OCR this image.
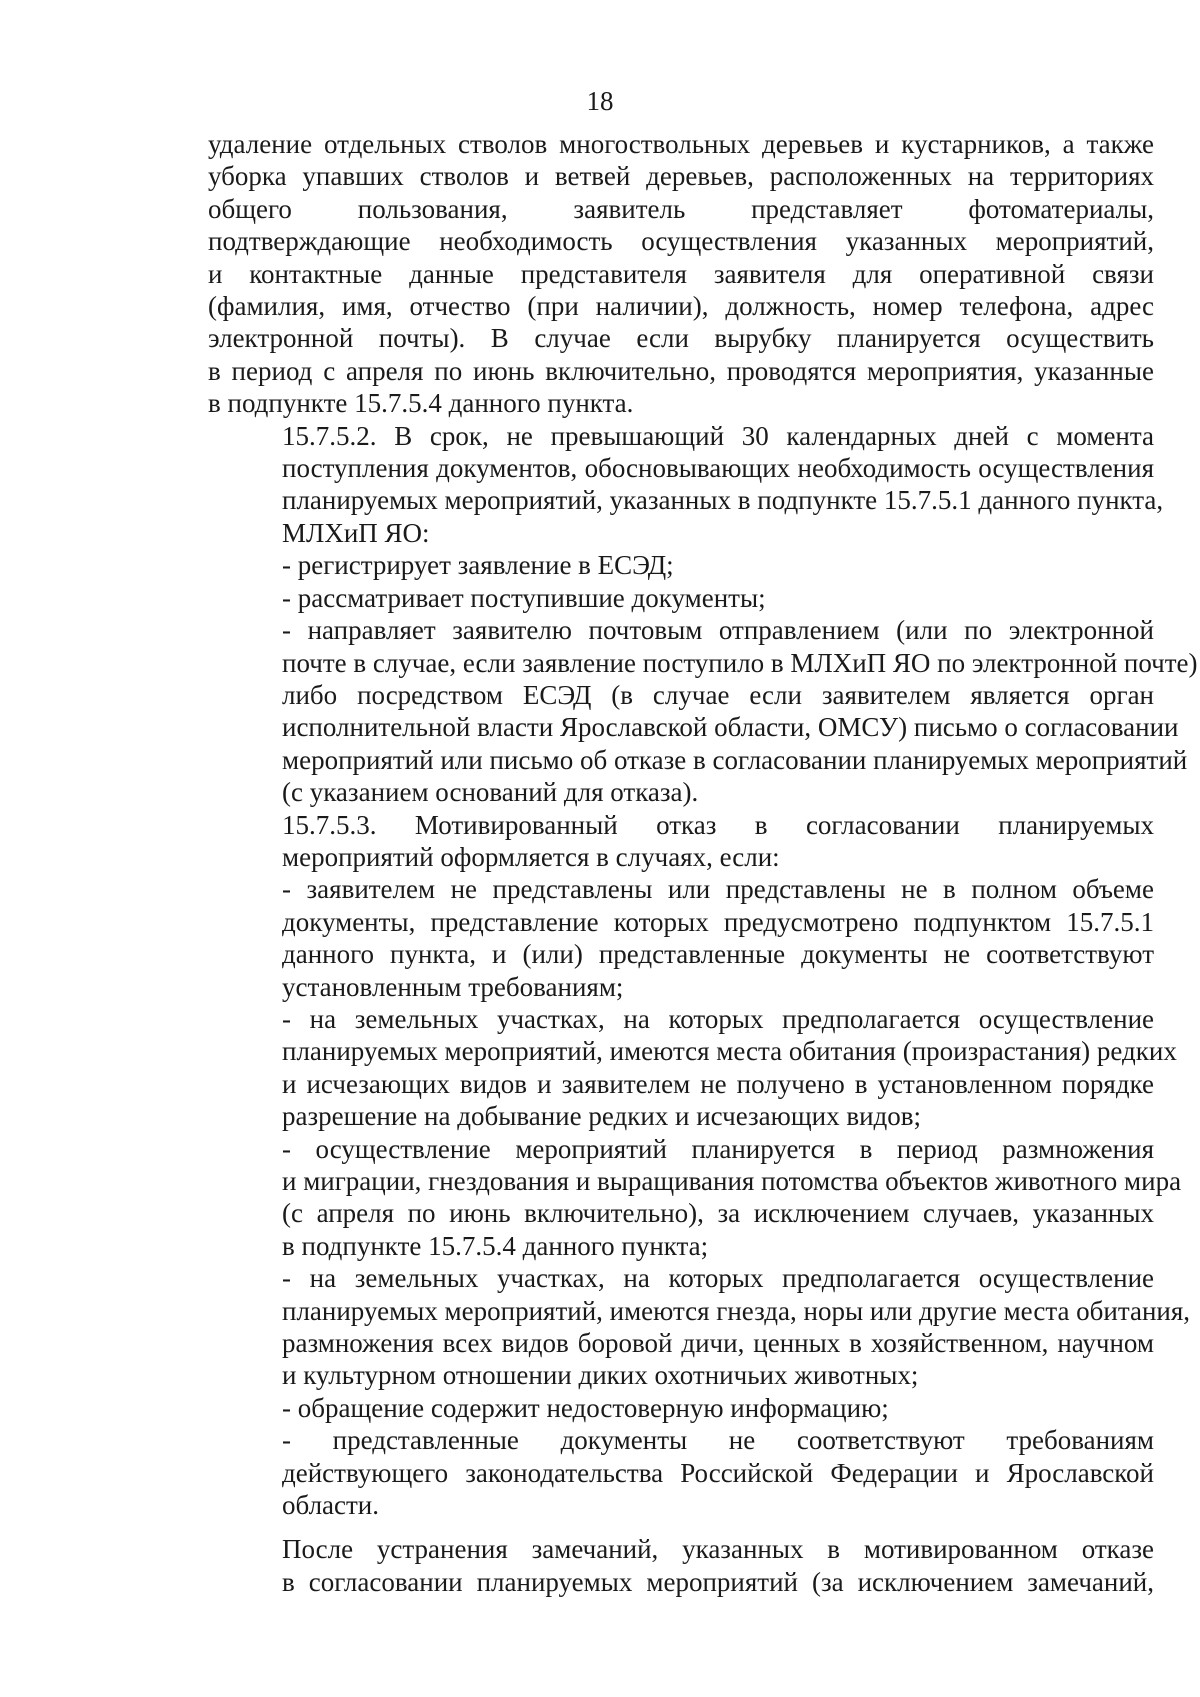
18
удаление отдельных стволов многоствольных деревьев и кустарников, а также
уборка упавших стволов и ветвей деревьев, расположенных на территориях
общего пользования, заявитель представляет фотоматериалы,
подтверждающие необходимость осуществления указанных мероприятий,
и контактные данные представителя заявителя для оперативной связи
(фамилия, имя, отчество (при наличии), должность, номер телефона, адрес
электронной почты). В случае если вырубку планируется осуществить
в период с апреля по июнь включительно, проводятся мероприятия, указанные
в подпункте 15.7.5.4 данного пункта.
15.7.5.2. В срок, не превышающий 30 календарных дней с момента
поступления документов, обосновывающих необходимость осуществления
планируемых мероприятий, указанных в подпункте 15.7.5.1 данного пункта,
МЛХиП ЯО:
- регистрирует заявление в ЕСЭД;
- рассматривает поступившие документы;
- направляет заявителю почтовым отправлением (или по электронной
почте в случае, если заявление поступило в МЛХиП ЯО по электронной почте)
либо посредством ЕСЭД (в случае если заявителем является орган
исполнительной власти Ярославской области, ОМСУ) письмо о согласовании
мероприятий или письмо об отказе в согласовании планируемых мероприятий
(с указанием оснований для отказа).
15.7.5.3. Мотивированный отказ в согласовании планируемых
мероприятий оформляется в случаях, если:
- заявителем не представлены или представлены не в полном объеме
документы, представление которых предусмотрено подпунктом 15.7.5.1
данного пункта, и (или) представленные документы не соответствуют
установленным требованиям;
- на земельных участках, на которых предполагается осуществление
планируемых мероприятий, имеются места обитания (произрастания) редких
и исчезающих видов и заявителем не получено в установленном порядке
разрешение на добывание редких и исчезающих видов;
- осуществление мероприятий планируется в период размножения
и миграции, гнездования и выращивания потомства объектов животного мира
(с апреля по июнь включительно), за исключением случаев, указанных
в подпункте 15.7.5.4 данного пункта;
- на земельных участках, на которых предполагается осуществление
планируемых мероприятий, имеются гнезда, норы или другие места обитания,
размножения всех видов боровой дичи, ценных в хозяйственном, научном
и культурном отношении диких охотничьих животных;
- обращение содержит недостоверную информацию;
- представленные документы не соответствуют требованиям
действующего законодательства Российской Федерации и Ярославской
области.
После устранения замечаний, указанных в мотивированном отказе
в согласовании планируемых мероприятий (за исключением замечаний,
